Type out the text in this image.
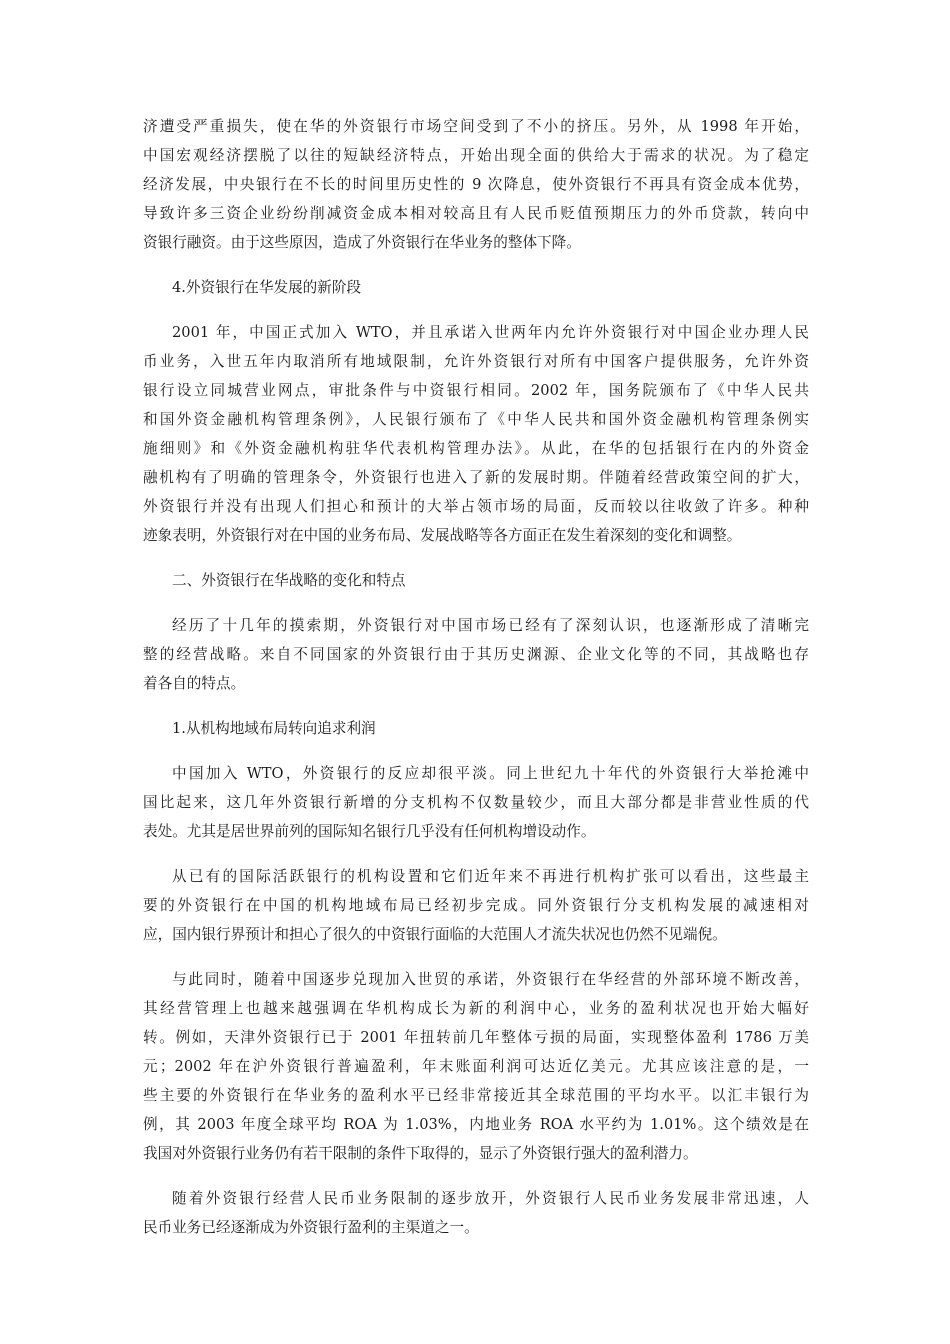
济遭受严重损失，使在华的外资银行市场空间受到了不小的挤压。另外，从 1998 年开始，
中国宏观经济摆脱了以往的短缺经济特点，开始出现全面的供给大于需求的状况。为了稳定
经济发展，中央银行在不长的时间里历史性的 9 次降息，使外资银行不再具有资金成本优势，
导致许多三资企业纷纷削减资金成本相对较高且有人民币贬值预期压力的外币贷款，转向中
资银行融资。由于这些原因，造成了外资银行在华业务的整体下降。
4.外资银行在华发展的新阶段
2001 年，中国正式加入 WTO，并且承诺入世两年内允许外资银行对中国企业办理人民
币业务，入世五年内取消所有地域限制，允许外资银行对所有中国客户提供服务，允许外资
银行设立同城营业网点，审批条件与中资银行相同。2002 年，国务院颁布了《中华人民共
和国外资金融机构管理条例》，人民银行颁布了《中华人民共和国外资金融机构管理条例实
施细则》和《外资金融机构驻华代表机构管理办法》。从此，在华的包括银行在内的外资金
融机构有了明确的管理条令，外资银行也进入了新的发展时期。伴随着经营政策空间的扩大，
外资银行并没有出现人们担心和预计的大举占领市场的局面，反而较以往收敛了许多。种种
迹象表明，外资银行对在中国的业务布局、发展战略等各方面正在发生着深刻的变化和调整。
二、外资银行在华战略的变化和特点
经历了十几年的摸索期，外资银行对中国市场已经有了深刻认识，也逐渐形成了清晰完
整的经营战略。来自不同国家的外资银行由于其历史渊源、企业文化等的不同，其战略也存
着各自的特点。
1.从机构地域布局转向追求利润
中国加入 WTO，外资银行的反应却很平淡。同上世纪九十年代的外资银行大举抢滩中
国比起来，这几年外资银行新增的分支机构不仅数量较少，而且大部分都是非营业性质的代
表处。尤其是居世界前列的国际知名银行几乎没有任何机构增设动作。
从已有的国际活跃银行的机构设置和它们近年来不再进行机构扩张可以看出，这些最主
要的外资银行在中国的机构地域布局已经初步完成。同外资银行分支机构发展的减速相对
应，国内银行界预计和担心了很久的中资银行面临的大范围人才流失状况也仍然不见端倪。
与此同时，随着中国逐步兑现加入世贸的承诺，外资银行在华经营的外部环境不断改善，
其经营管理上也越来越强调在华机构成长为新的利润中心，业务的盈利状况也开始大幅好
转。例如，天津外资银行已于 2001 年扭转前几年整体亏损的局面，实现整体盈利 1786 万美
元；2002 年在沪外资银行普遍盈利，年末账面利润可达近亿美元。尤其应该注意的是，一
些主要的外资银行在华业务的盈利水平已经非常接近其全球范围的平均水平。以汇丰银行为
例，其 2003 年度全球平均 ROA 为 1.03%，内地业务 ROA 水平约为 1.01%。这个绩效是在
我国对外资银行业务仍有若干限制的条件下取得的，显示了外资银行强大的盈利潜力。
随着外资银行经营人民币业务限制的逐步放开，外资银行人民币业务发展非常迅速，人
民币业务已经逐渐成为外资银行盈利的主渠道之一。
